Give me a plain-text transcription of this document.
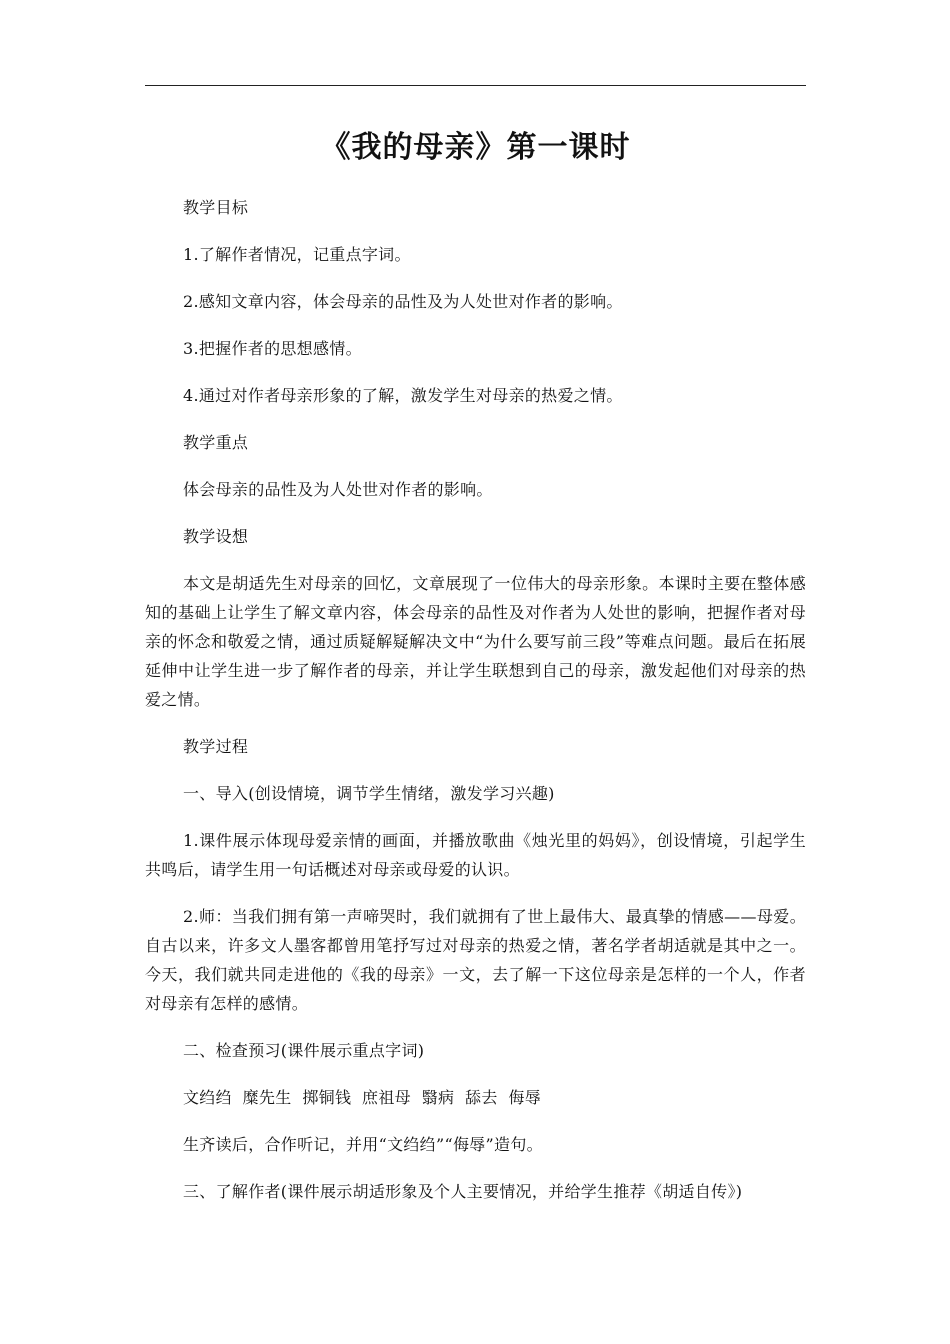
《我的母亲》第一课时

教学目标

1.了解作者情况，记重点字词。

2.感知文章内容，体会母亲的品性及为人处世对作者的影响。

3.把握作者的思想感情。

4.通过对作者母亲形象的了解，激发学生对母亲的热爱之情。

教学重点

体会母亲的品性及为人处世对作者的影响。

教学设想

本文是胡适先生对母亲的回忆，文章展现了一位伟大的母亲形象。本课时主要在整体感知的基础上让学生了解文章内容，体会母亲的品性及对作者为人处世的影响，把握作者对母亲的怀念和敬爱之情，通过质疑解疑解决文中“为什么要写前三段”等难点问题。最后在拓展延伸中让学生进一步了解作者的母亲，并让学生联想到自己的母亲，激发起他们对母亲的热爱之情。

教学过程

一、导入(创设情境，调节学生情绪，激发学习兴趣)

1.课件展示体现母爱亲情的画面，并播放歌曲《烛光里的妈妈》，创设情境，引起学生共鸣后，请学生用一句话概述对母亲或母爱的认识。

2.师：当我们拥有第一声啼哭时，我们就拥有了世上最伟大、最真挚的情感——母爱。自古以来，许多文人墨客都曾用笔抒写过对母亲的热爱之情，著名学者胡适就是其中之一。今天，我们就共同走进他的《我的母亲》一文，去了解一下这位母亲是怎样的一个人，作者对母亲有怎样的感情。

二、检查预习(课件展示重点字词)

文绉绉  糜先生  掷铜钱  庶祖母  翳病  舔去  侮辱

生齐读后，合作听记，并用“文绉绉”“侮辱”造句。

三、了解作者(课件展示胡适形象及个人主要情况，并给学生推荐《胡适自传》)
